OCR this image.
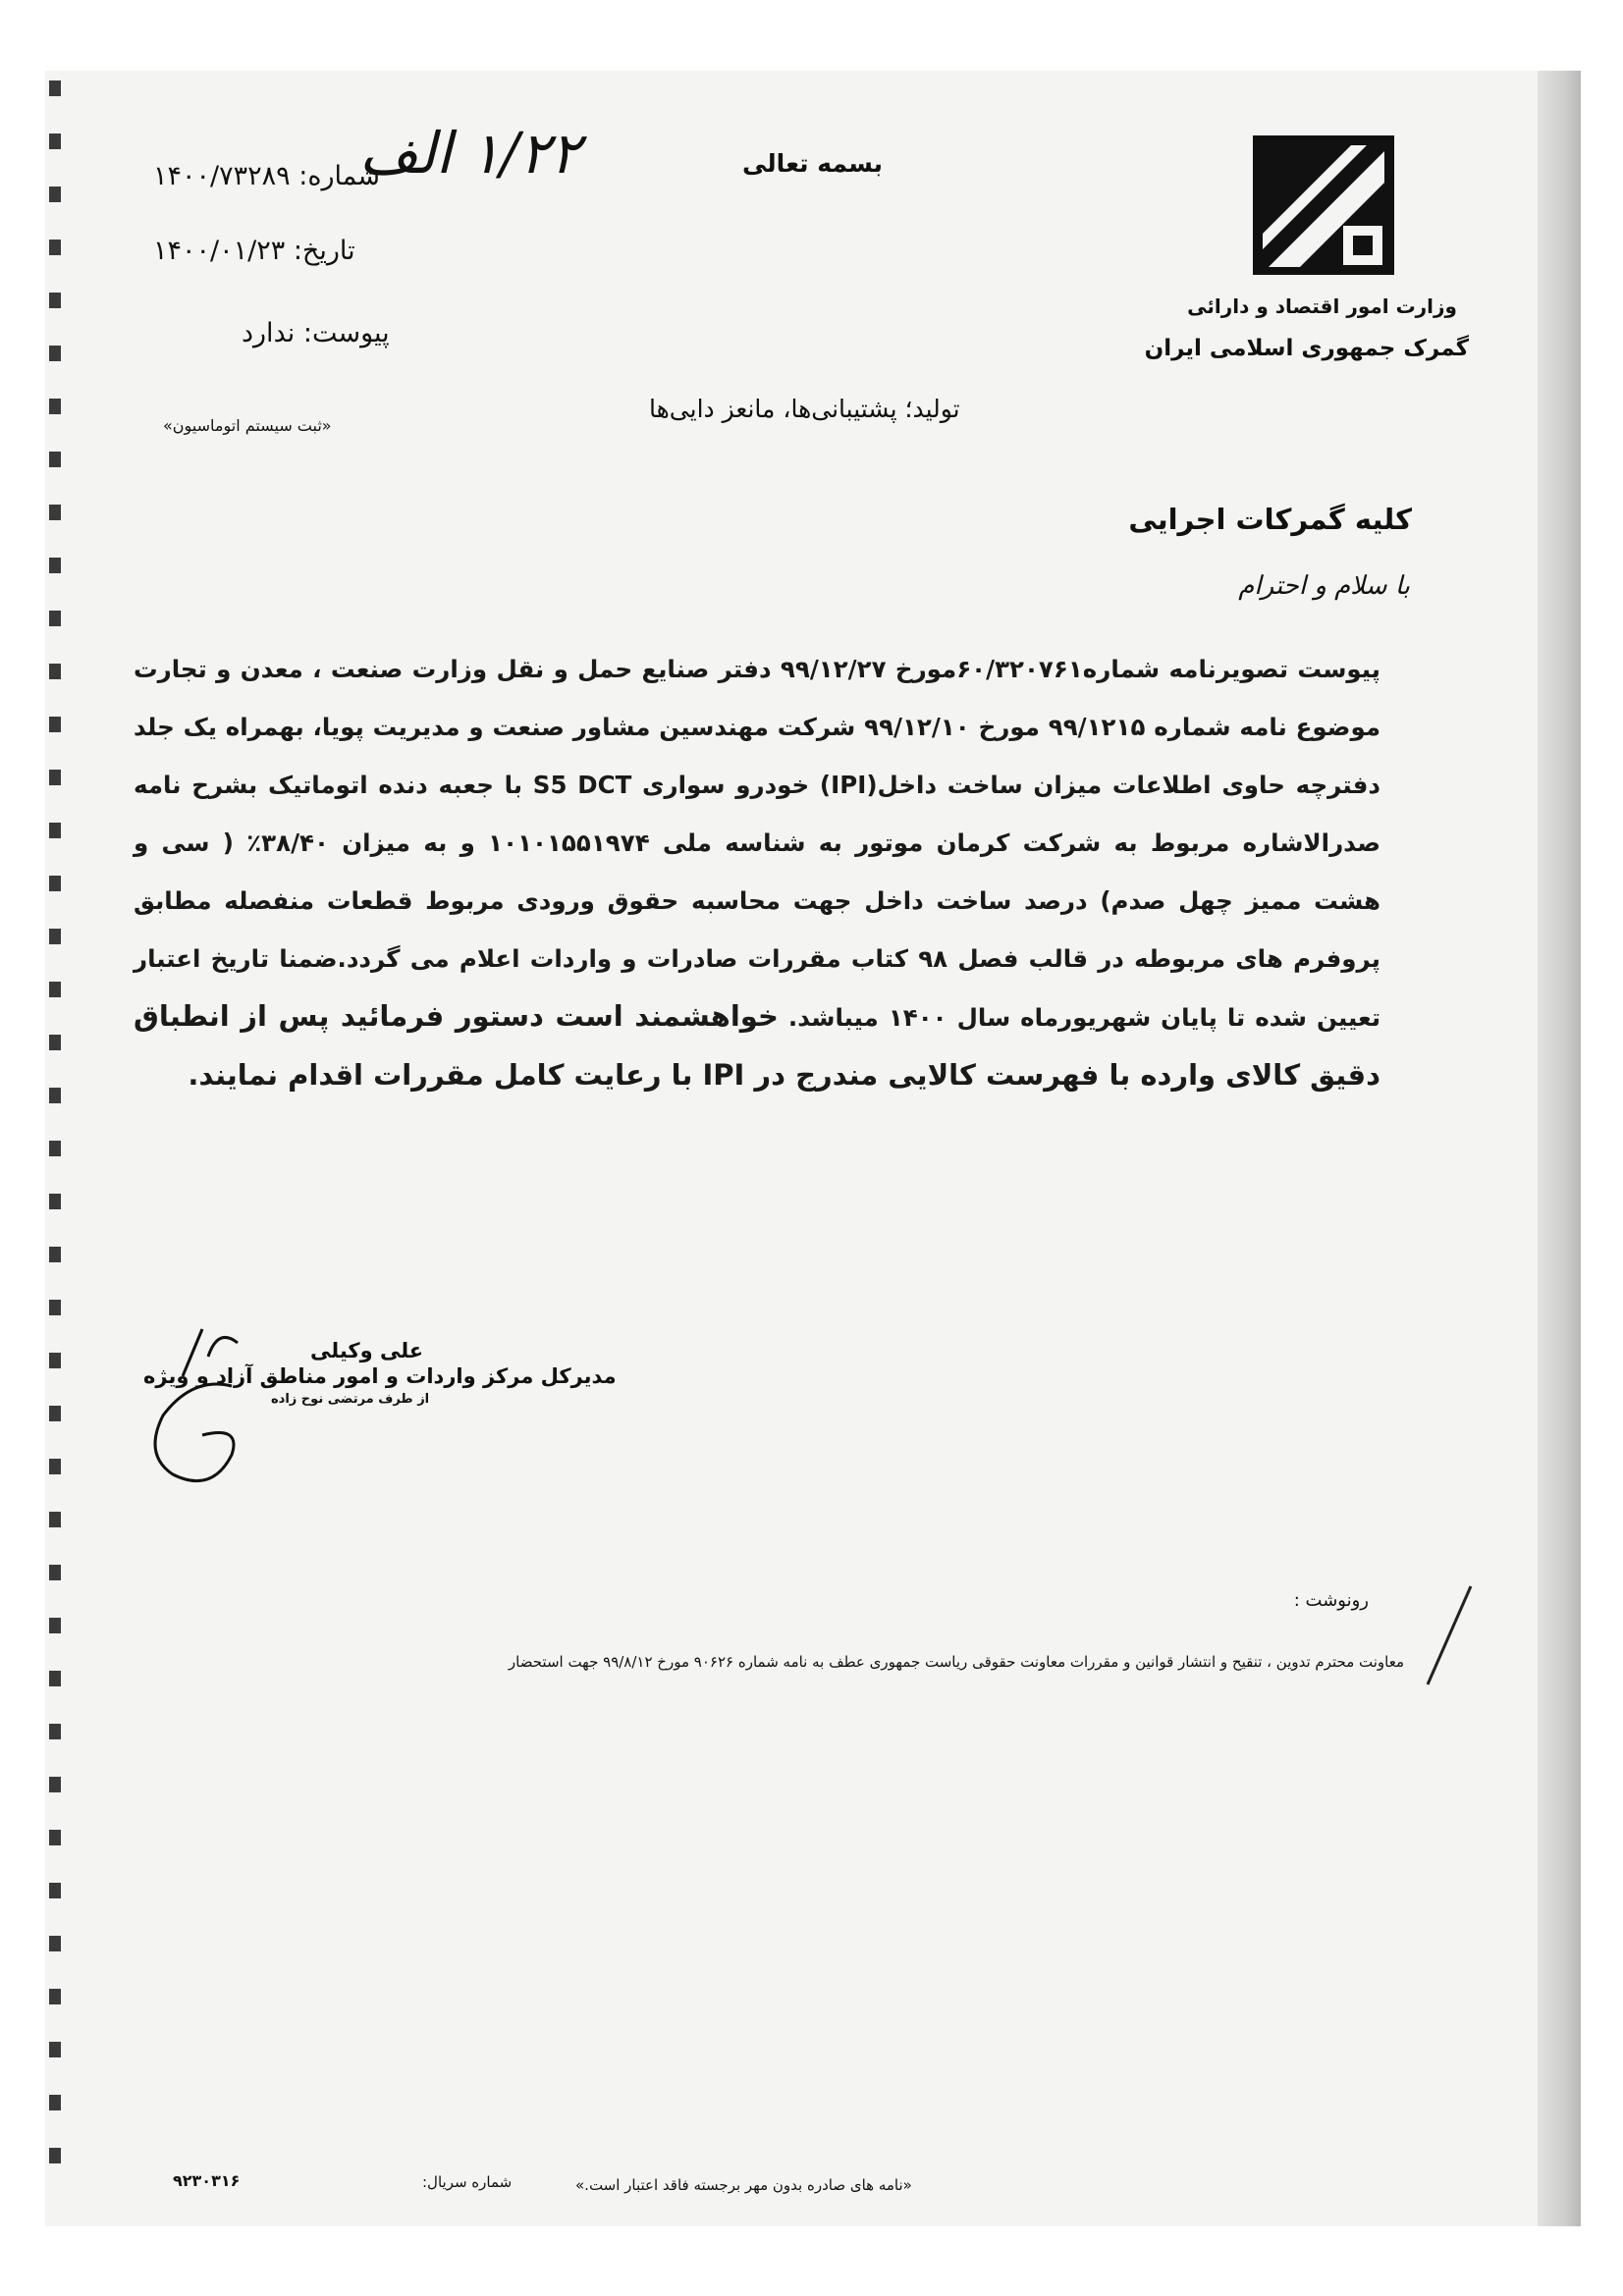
وزارت امور اقتصاد و دارائی
گمرک جمهوری اسلامی ایران
بسمه تعالی
۱/۲۲ الف
شماره: ۱۴۰۰/۷۳۲۸۹
تاریخ: ۱۴۰۰/۰۱/۲۳
پیوست: ندارد
«ثبت سیستم اتوماسیون»
تولید؛ پشتیبانی‌ها، مانعز دایی‌ها
کلیه گمرکات اجرایی
با سلام و احترام

پیوست تصویرنامه شماره۶۰/۳۲۰۷۶۱مورخ ۹۹/۱۲/۲۷ دفتر صنایع حمل و نقل وزارت صنعت ، معدن و تجارت موضوع نامه شماره ۹۹/۱۲۱۵ مورخ ۹۹/۱۲/۱۰ شرکت مهندسین مشاور صنعت و مدیریت پویا، بهمراه یک جلد دفترچه حاوی اطلاعات میزان ساخت داخل(IPI) خودرو سواری S5 DCT با جعبه دنده اتوماتیک بشرح نامه صدرالاشاره مربوط به شرکت کرمان موتور به شناسه ملی ۱۰۱۰۱۵۵۱۹۷۴ و به میزان ۳۸/۴۰٪ ( سی و هشت ممیز چهل صدم) درصد ساخت داخل جهت محاسبه حقوق ورودی مربوط قطعات منفصله مطابق پروفرم های مربوطه در قالب فصل ۹۸ کتاب مقررات صادرات و واردات اعلام می گردد.ضمنا تاریخ اعتبار تعیین شده تا پایان شهریورماه سال ۱۴۰۰ میباشد. خواهشمند است دستور فرمائید پس از انطباق دقیق کالای وارده با فهرست کالایی مندرج در IPI با رعایت کامل مقررات اقدام نمایند.

علی وکیلی
مدیرکل مرکز واردات و امور مناطق آزاد و ویژه
از طرف مرتضی نوح زاده
رونوشت :
معاونت محترم تدوین ، تنقیح و انتشار قوانین و مقررات معاونت حقوقی ریاست جمهوری عطف به نامه شماره ۹۰۶۲۶ مورخ ۹۹/۸/۱۲ جهت استحضار
«نامه های صادره بدون مهر برجسته فاقد اعتبار است.»
شماره سریال:
۹۲۳۰۳۱۶
